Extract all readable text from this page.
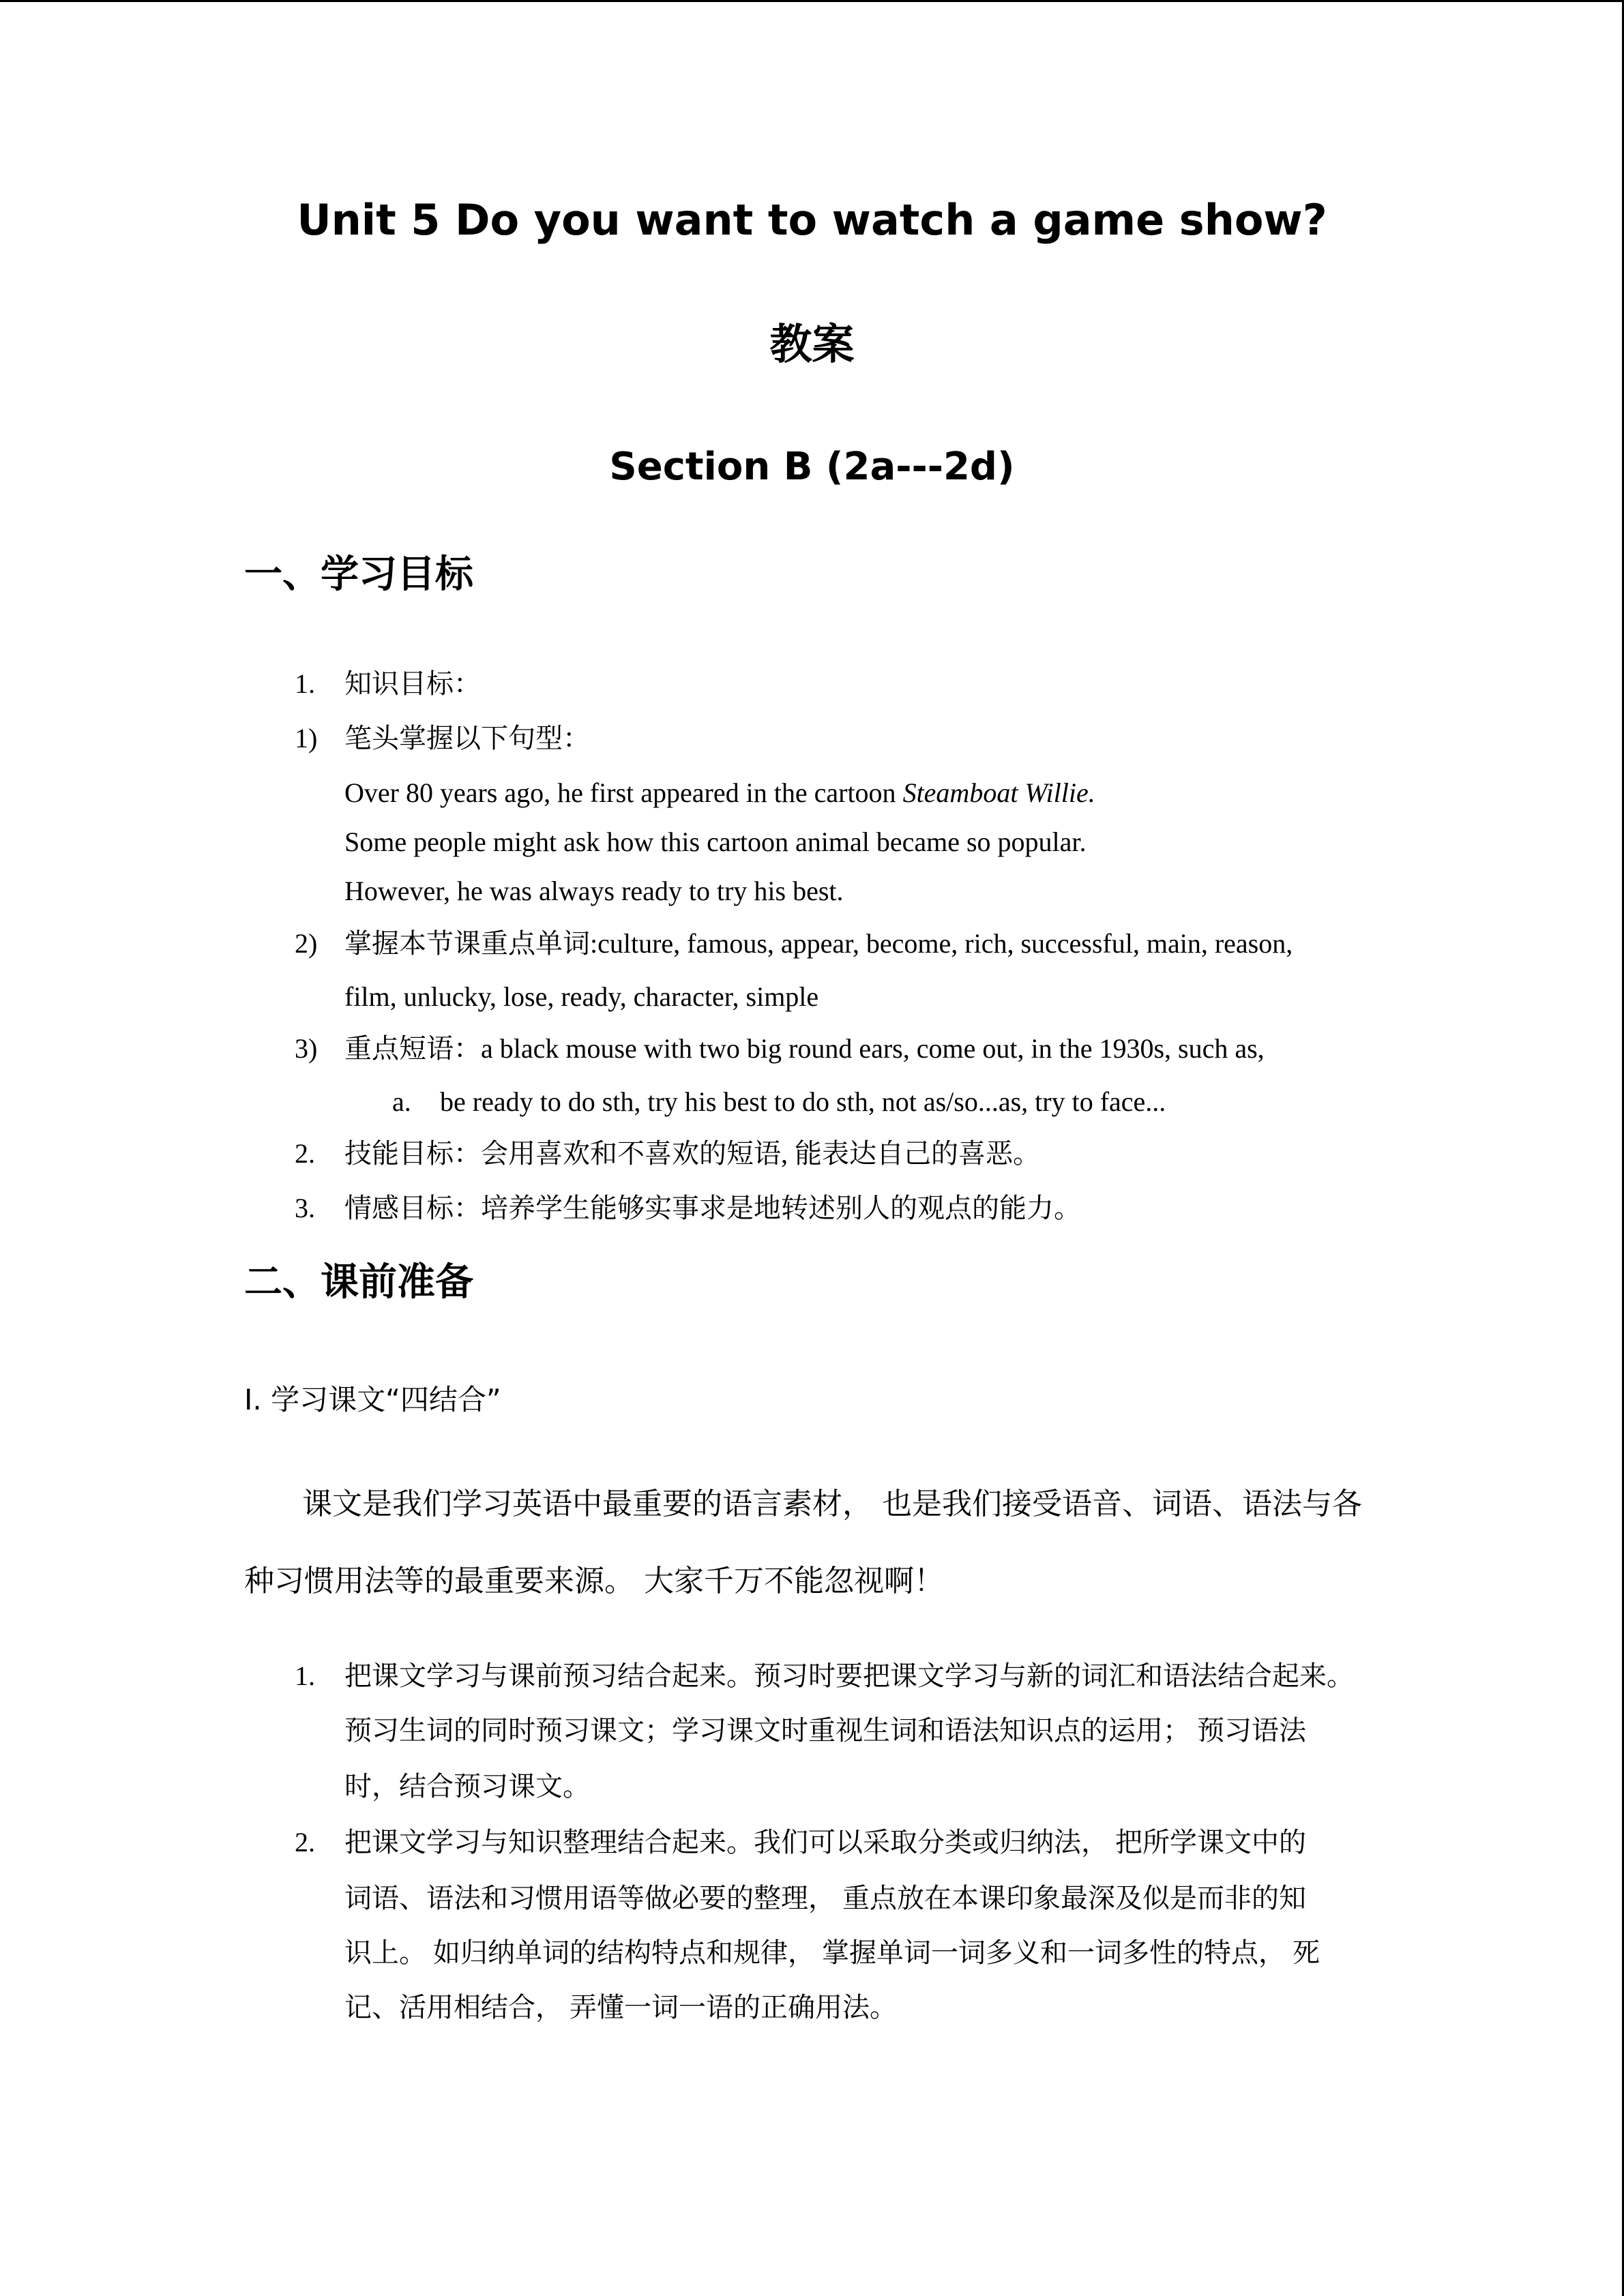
Unit 5 Do you want to watch a game show?
教案
Section B (2a---2d)
一、学习目标
1. 知识目标：
1) 笔头掌握以下句型：
Over 80 years ago, he first appeared in the cartoon Steamboat Willie.
Some people might ask how this cartoon animal became so popular.
However, he was always ready to try his best.
2) 掌握本节课重点单词:culture, famous, appear, become, rich, successful, main, reason,
film, unlucky, lose, ready, character, simple
3) 重点短语：a black mouse with two big round ears, come out, in the 1930s, such as,
a. be ready to do sth, try his best to do sth, not as/so...as, try to face...
2. 技能目标：会用喜欢和不喜欢的短语, 能表达自己的喜恶。
3. 情感目标：培养学生能够实事求是地转述别人的观点的能力。
二、课前准备
I. 学习课文“四结合”
课文是我们学习英语中最重要的语言素材， 也是我们接受语音、词语、语法与各
种习惯用法等的最重要来源。 大家千万不能忽视啊！
1. 把课文学习与课前预习结合起来。预习时要把课文学习与新的词汇和语法结合起来。
预习生词的同时预习课文；学习课文时重视生词和语法知识点的运用； 预习语法
时，结合预习课文。
2. 把课文学习与知识整理结合起来。我们可以采取分类或归纳法， 把所学课文中的
词语、语法和习惯用语等做必要的整理， 重点放在本课印象最深及似是而非的知
识上。 如归纳单词的结构特点和规律， 掌握单词一词多义和一词多性的特点， 死
记、活用相结合， 弄懂一词一语的正确用法。
